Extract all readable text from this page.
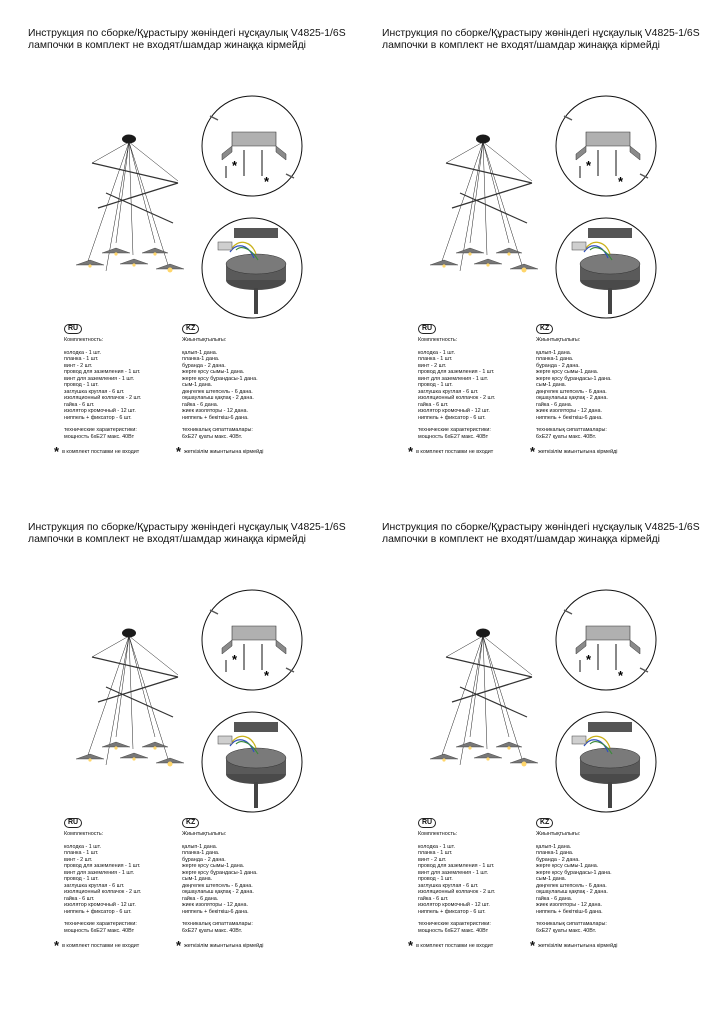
Инструкция по сборке/Құрастыру жөніндегі нұсқаулық V4825-1/6S
лампочки в комплект не входят/шамдар жинаққа кірмейді

*
*
RU
Комплектность:
колодка - 1 шт.
планка - 1 шт.
винт - 2 шт.
провод для заземления - 1 шт.
винт для заземления - 1 шт.
провод - 1 шт.
заглушка круглая - 6 шт.
изоляционный колпачок - 2 шт.
гайка - 6 шт.
изолятор кромочный - 12 шт.
ниппель + фиксатор - 6 шт.
технические характеристики:
мощность 6хЕ27 макс. 40Вт
KZ
Жиынтықтылығы:
қалып-1 дана.
планка-1 дана.
бұранда - 2 дана.
жерге қосу сымы-1 дана.
жерге қосу бұрандасы-1 дана.
сым-1 дана.
дөңгелек штепсель - 6 дана.
оқшаулағыш қақпақ - 2 дана.
гайка - 6 дана.
жиек изоляторы - 12 дана.
ниппель + бекіткіш-6 дана.
техникалық сипаттамалары:
6хЕ27 қуаты макс. 40Вт.
* в комплект поставки не входит	* жеткізілім жиынтығына кірмейді

Инструкция по сборке/Құрастыру жөніндегі нұсқаулық V4825-1/6S
лампочки в комплект не входят/шамдар жинаққа кірмейді

*
*
RU
Комплектность:
колодка - 1 шт.
планка - 1 шт.
винт - 2 шт.
провод для заземления - 1 шт.
винт для заземления - 1 шт.
провод - 1 шт.
заглушка круглая - 6 шт.
изоляционный колпачок - 2 шт.
гайка - 6 шт.
изолятор кромочный - 12 шт.
ниппель + фиксатор - 6 шт.
технические характеристики:
мощность 6хЕ27 макс. 40Вт
KZ
Жиынтықтылығы:
қалып-1 дана.
планка-1 дана.
бұранда - 2 дана.
жерге қосу сымы-1 дана.
жерге қосу бұрандасы-1 дана.
сым-1 дана.
дөңгелек штепсель - 6 дана.
оқшаулағыш қақпақ - 2 дана.
гайка - 6 дана.
жиек изоляторы - 12 дана.
ниппель + бекіткіш-6 дана.
техникалық сипаттамалары:
6хЕ27 қуаты макс. 40Вт.
* в комплект поставки не входит	* жеткізілім жиынтығына кірмейді

Инструкция по сборке/Құрастыру жөніндегі нұсқаулық V4825-1/6S
лампочки в комплект не входят/шамдар жинаққа кірмейді

*
*
RU
Комплектность:
колодка - 1 шт.
планка - 1 шт.
винт - 2 шт.
провод для заземления - 1 шт.
винт для заземления - 1 шт.
провод - 1 шт.
заглушка круглая - 6 шт.
изоляционный колпачок - 2 шт.
гайка - 6 шт.
изолятор кромочный - 12 шт.
ниппель + фиксатор - 6 шт.
технические характеристики:
мощность 6хЕ27 макс. 40Вт
KZ
Жиынтықтылығы:
қалып-1 дана.
планка-1 дана.
бұранда - 2 дана.
жерге қосу сымы-1 дана.
жерге қосу бұрандасы-1 дана.
сым-1 дана.
дөңгелек штепсель - 6 дана.
оқшаулағыш қақпақ - 2 дана.
гайка - 6 дана.
жиек изоляторы - 12 дана.
ниппель + бекіткіш-6 дана.
техникалық сипаттамалары:
6хЕ27 қуаты макс. 40Вт.
* в комплект поставки не входит	* жеткізілім жиынтығына кірмейді

Инструкция по сборке/Құрастыру жөніндегі нұсқаулық V4825-1/6S
лампочки в комплект не входят/шамдар жинаққа кірмейді

*
*
RU
Комплектность:
колодка - 1 шт.
планка - 1 шт.
винт - 2 шт.
провод для заземления - 1 шт.
винт для заземления - 1 шт.
провод - 1 шт.
заглушка круглая - 6 шт.
изоляционный колпачок - 2 шт.
гайка - 6 шт.
изолятор кромочный - 12 шт.
ниппель + фиксатор - 6 шт.
технические характеристики:
мощность 6хЕ27 макс. 40Вт
KZ
Жиынтықтылығы:
қалып-1 дана.
планка-1 дана.
бұранда - 2 дана.
жерге қосу сымы-1 дана.
жерге қосу бұрандасы-1 дана.
сым-1 дана.
дөңгелек штепсель - 6 дана.
оқшаулағыш қақпақ - 2 дана.
гайка - 6 дана.
жиек изоляторы - 12 дана.
ниппель + бекіткіш-6 дана.
техникалық сипаттамалары:
6хЕ27 қуаты макс. 40Вт.
* в комплект поставки не входит	* жеткізілім жиынтығына кірмейді
